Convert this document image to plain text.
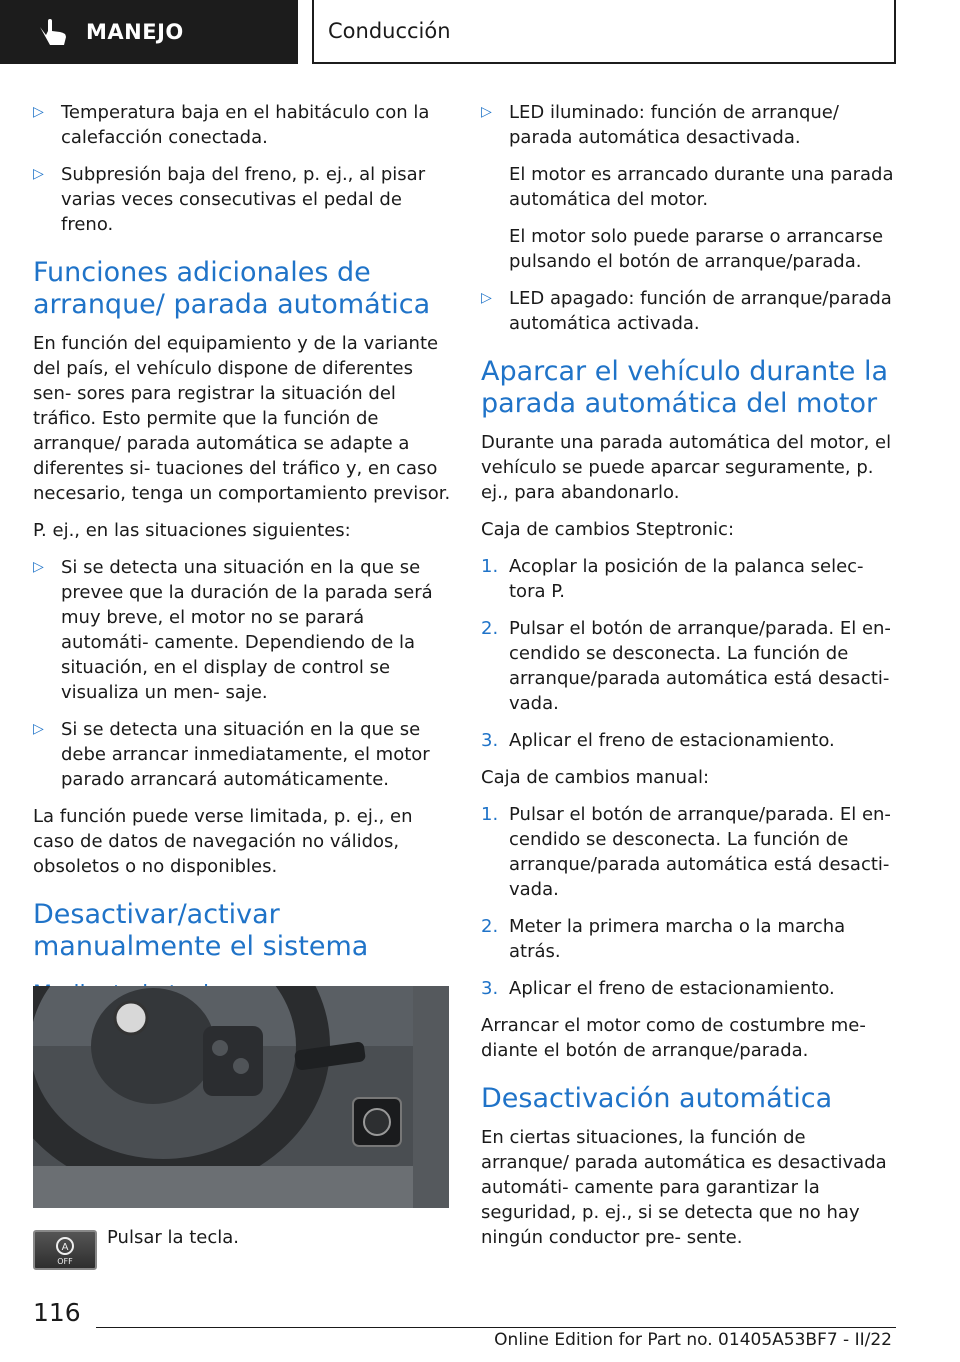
MANEJO	Conducción
▷ Temperatura baja en el habitáculo con la calefacción conectada.
▷ Subpresión baja del freno, p. ej., al pisar varias veces consecutivas el pedal de freno.
Funciones adicionales de arranque/ parada automática
En función del equipamiento y de la variante del país, el vehículo dispone de diferentes sen- sores para registrar la situación del tráfico. Esto permite que la función de arranque/ parada automática se adapte a diferentes si- tuaciones del tráfico y, en caso necesario, tenga un comportamiento previsor.
P. ej., en las situaciones siguientes:
▷ Si se detecta una situación en la que se prevee que la duración de la parada será muy breve, el motor no se parará automáti- camente. Dependiendo de la situación, en el display de control se visualiza un men- saje.
▷ Si se detecta una situación en la que se debe arrancar inmediatamente, el motor parado arrancará automáticamente.
La función puede verse limitada, p. ej., en caso de datos de navegación no válidos, obsoletos o no disponibles.
Desactivar/activar manualmente el sistema
A
OFF
Pulsar la tecla.
▷ LED iluminado: función de arranque/ parada automática desactivada.
El motor es arrancado durante una parada automática del motor.
El motor solo puede pararse o arrancarse pulsando el botón de arranque/parada.
▷ LED apagado: función de arranque/parada automática activada.
Aparcar el vehículo durante la parada automática del motor
Durante una parada automática del motor, el vehículo se puede aparcar seguramente, p. ej., para abandonarlo.
Caja de cambios Steptronic:
1. Acoplar la posición de la palanca selec- tora P.
2. Pulsar el botón de arranque/parada. El en- cendido se desconecta. La función de arranque/parada automática está desacti- vada.
3. Aplicar el freno de estacionamiento.
Caja de cambios manual:
1. Pulsar el botón de arranque/parada. El en- cendido se desconecta. La función de arranque/parada automática está desacti- vada.
2. Meter la primera marcha o la marcha atrás.
3. Aplicar el freno de estacionamiento.
Arrancar el motor como de costumbre me- diante el botón de arranque/parada.
Desactivación automática
En ciertas situaciones, la función de arranque/ parada automática es desactivada automáti- camente para garantizar la seguridad, p. ej., si se detecta que no hay ningún conductor pre- sente.
116
Online Edition for Part no. 01405A53BF7 - II/22
